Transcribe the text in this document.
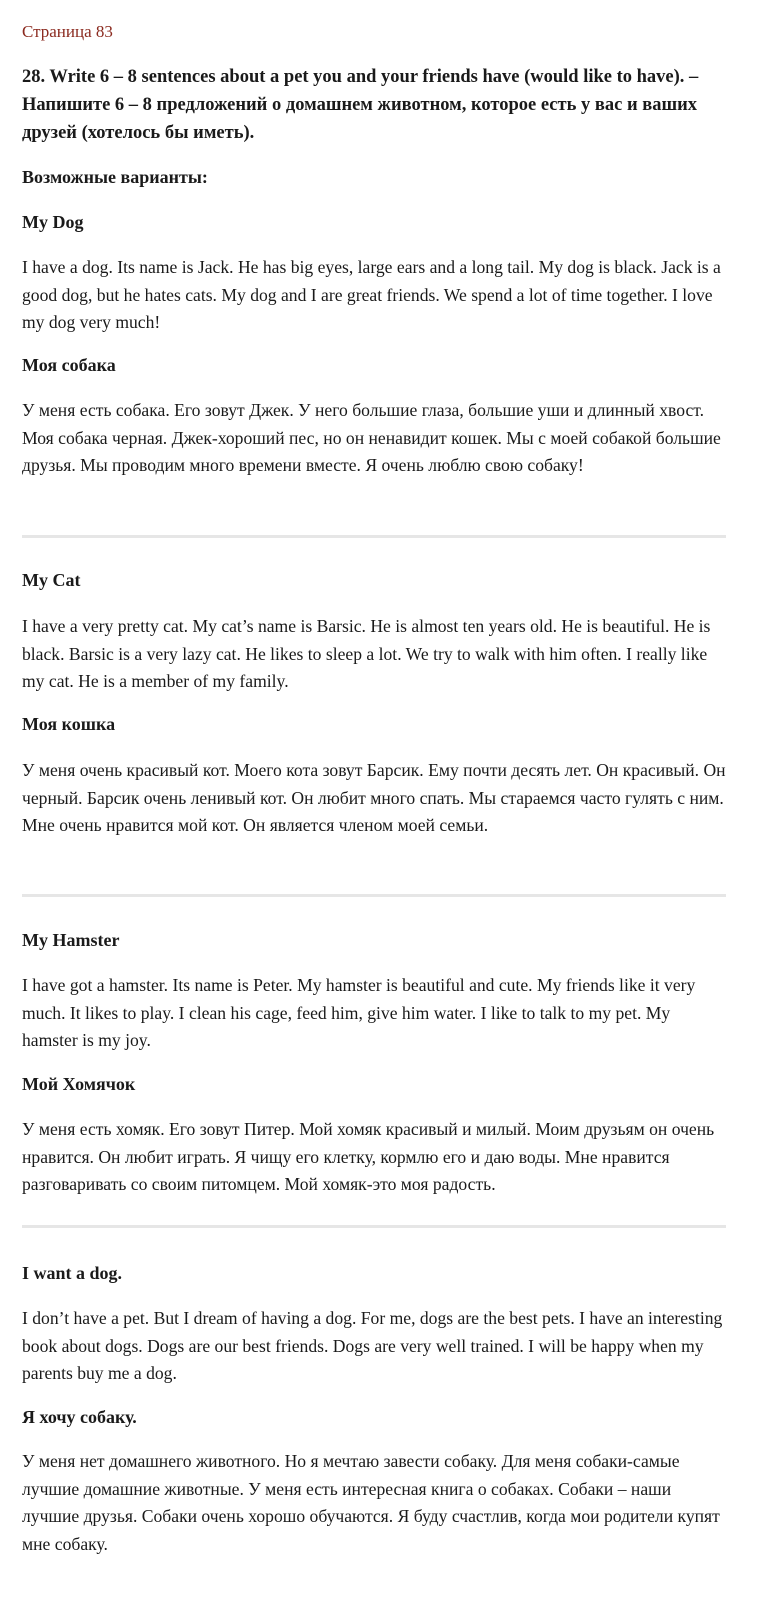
Страница 83

28. Write 6 – 8 sentences about a pet you and your friends have (would like to have). – Напишите 6 – 8 предложений о домашнем животном, которое есть у вас и ваших друзей (хотелось бы иметь).

Возможные варианты:

My Dog

I have a dog. Its name is Jack. He has big eyes, large ears and a long tail. My dog is black. Jack is a good dog, but he hates cats. My dog and I are great friends. We spend a lot of time together. I love my dog very much!

Моя собака

У меня есть собака. Его зовут Джек. У него большие глаза, большие уши и длинный хвост. Моя собака черная. Джек-хороший пес, но он ненавидит кошек. Мы с моей собакой большие друзья. Мы проводим много времени вместе. Я очень люблю свою собаку!

My Cat

I have a very pretty cat. My cat’s name is Barsic. He is almost ten years old. He is beautiful. He is black. Barsic is a very lazy cat. He likes to sleep a lot. We try to walk with him often. I really like my cat. He is a member of my family.

Моя кошка

У меня очень красивый кот. Моего кота зовут Барсик. Ему почти десять лет. Он красивый. Он черный. Барсик очень ленивый кот. Он любит много спать. Мы стараемся часто гулять с ним. Мне очень нравится мой кот. Он является членом моей семьи.

My Hamster

I have got a hamster. Its name is Peter. My hamster is beautiful and cute. My friends like it very much. It likes to play. I clean his cage, feed him, give him water. I like to talk to my pet. My hamster is my joy.

Мой Хомячок

У меня есть хомяк. Его зовут Питер. Мой хомяк красивый и милый. Моим друзьям он очень нравится. Он любит играть. Я чищу его клетку, кормлю его и даю воды. Мне нравится разговаривать со своим питомцем. Мой хомяк-это моя радость.

I want a dog.

I don’t have a pet. But I dream of having a dog. For me, dogs are the best pets. I have an interesting book about dogs. Dogs are our best friends. Dogs are very well trained. I will be happy when my parents buy me a dog.

Я хочу собаку.

У меня нет домашнего животного. Но я мечтаю завести собаку. Для меня собаки-самые лучшие домашние животные. У меня есть интересная книга о собаках. Собаки – наши лучшие друзья. Собаки очень хорошо обучаются. Я буду счастлив, когда мои родители купят мне собаку.
